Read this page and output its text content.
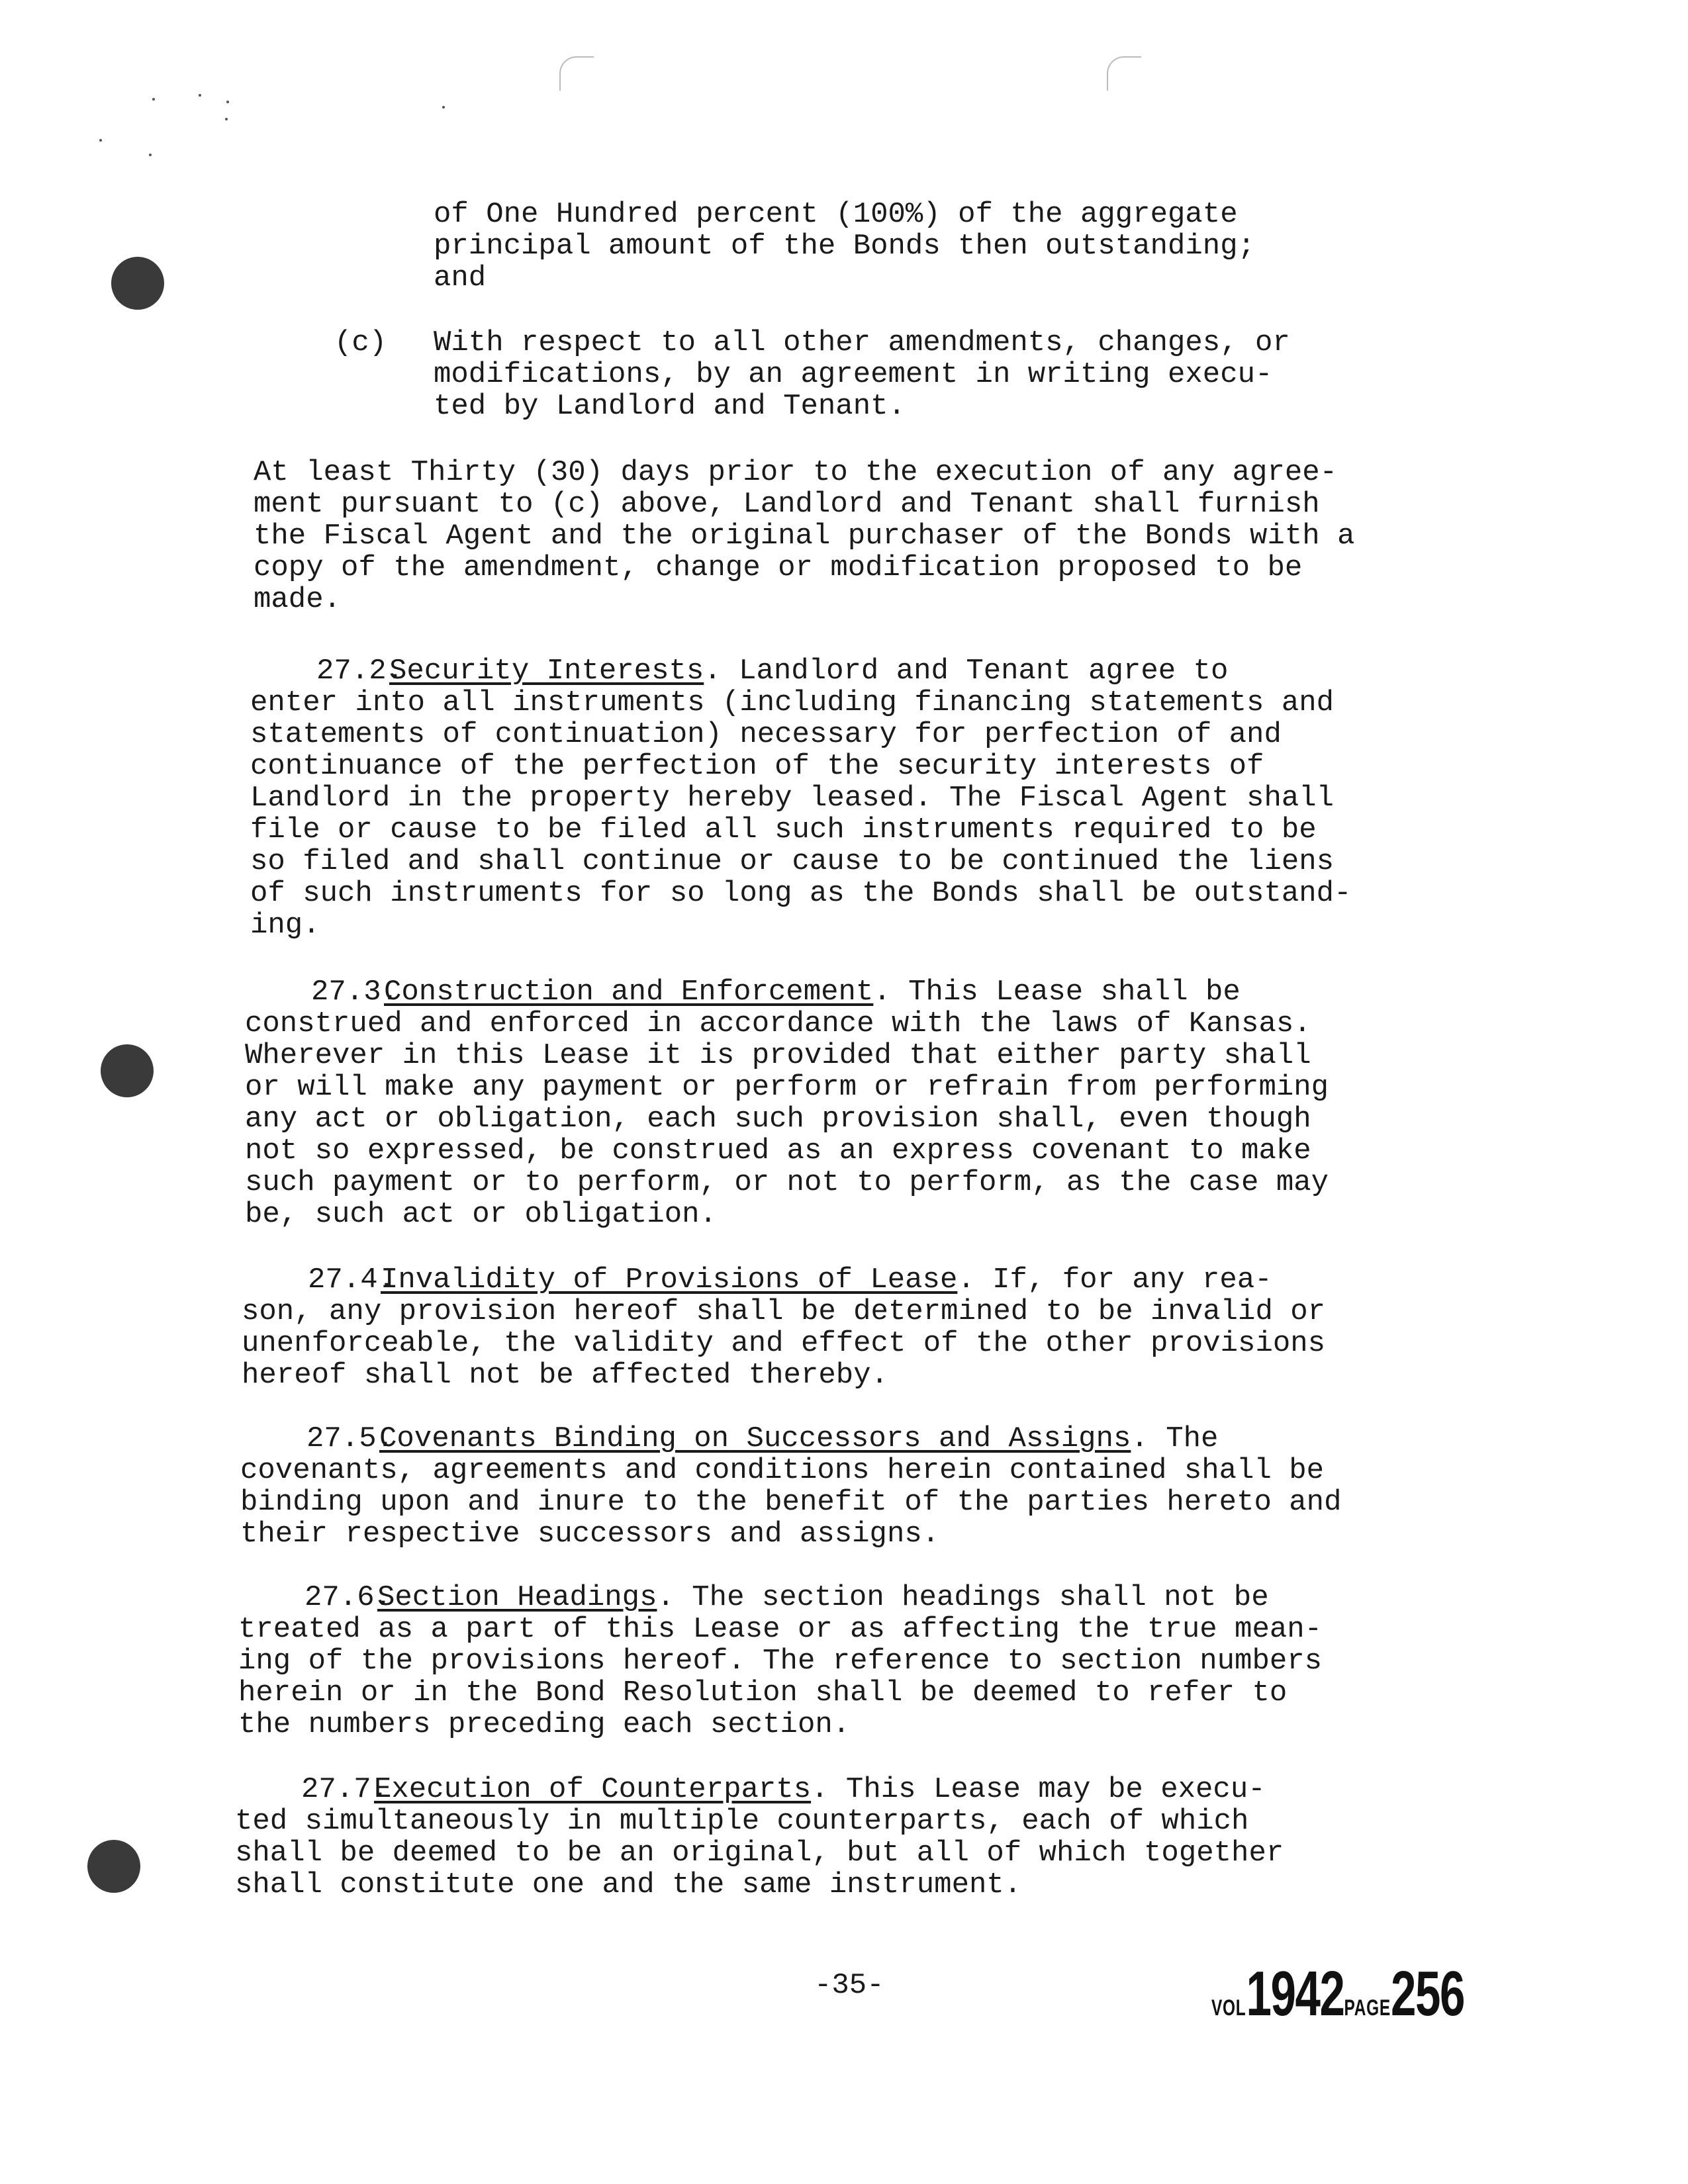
of One Hundred percent (100%) of the aggregate
principal amount of the Bonds then outstanding;
and
(c) With respect to all other amendments, changes, or
modifications, by an agreement in writing execu-
ted by Landlord and Tenant.
At least Thirty (30) days prior to the execution of any agree-
ment pursuant to (c) above, Landlord and Tenant shall furnish
the Fiscal Agent and the original purchaser of the Bonds with a
copy of the amendment, change or modification proposed to be
made.
27.2.Security Interests. Landlord and Tenant agree to
enter into all instruments (including financing statements and
statements of continuation) necessary for perfection of and
continuance of the perfection of the security interests of
Landlord in the property hereby leased. The Fiscal Agent shall
file or cause to be filed all such instruments required to be
so filed and shall continue or cause to be continued the liens
of such instruments for so long as the Bonds shall be outstand-
ing.
27.3.Construction and Enforcement. This Lease shall be
construed and enforced in accordance with the laws of Kansas.
Wherever in this Lease it is provided that either party shall
or will make any payment or perform or refrain from performing
any act or obligation, each such provision shall, even though
not so expressed, be construed as an express covenant to make
such payment or to perform, or not to perform, as the case may
be, such act or obligation.
27.4.Invalidity of Provisions of Lease. If, for any rea-
son, any provision hereof shall be determined to be invalid or
unenforceable, the validity and effect of the other provisions
hereof shall not be affected thereby.
27.5.Covenants Binding on Successors and Assigns. The
covenants, agreements and conditions herein contained shall be
binding upon and inure to the benefit of the parties hereto and
their respective successors and assigns.
27.6.Section Headings. The section headings shall not be
treated as a part of this Lease or as affecting the true mean-
ing of the provisions hereof. The reference to section numbers
herein or in the Bond Resolution shall be deemed to refer to
the numbers preceding each section.
27.7.Execution of Counterparts. This Lease may be execu-
ted simultaneously in multiple counterparts, each of which
shall be deemed to be an original, but all of which together
shall constitute one and the same instrument.
-35-
VOL1942PAGE256
